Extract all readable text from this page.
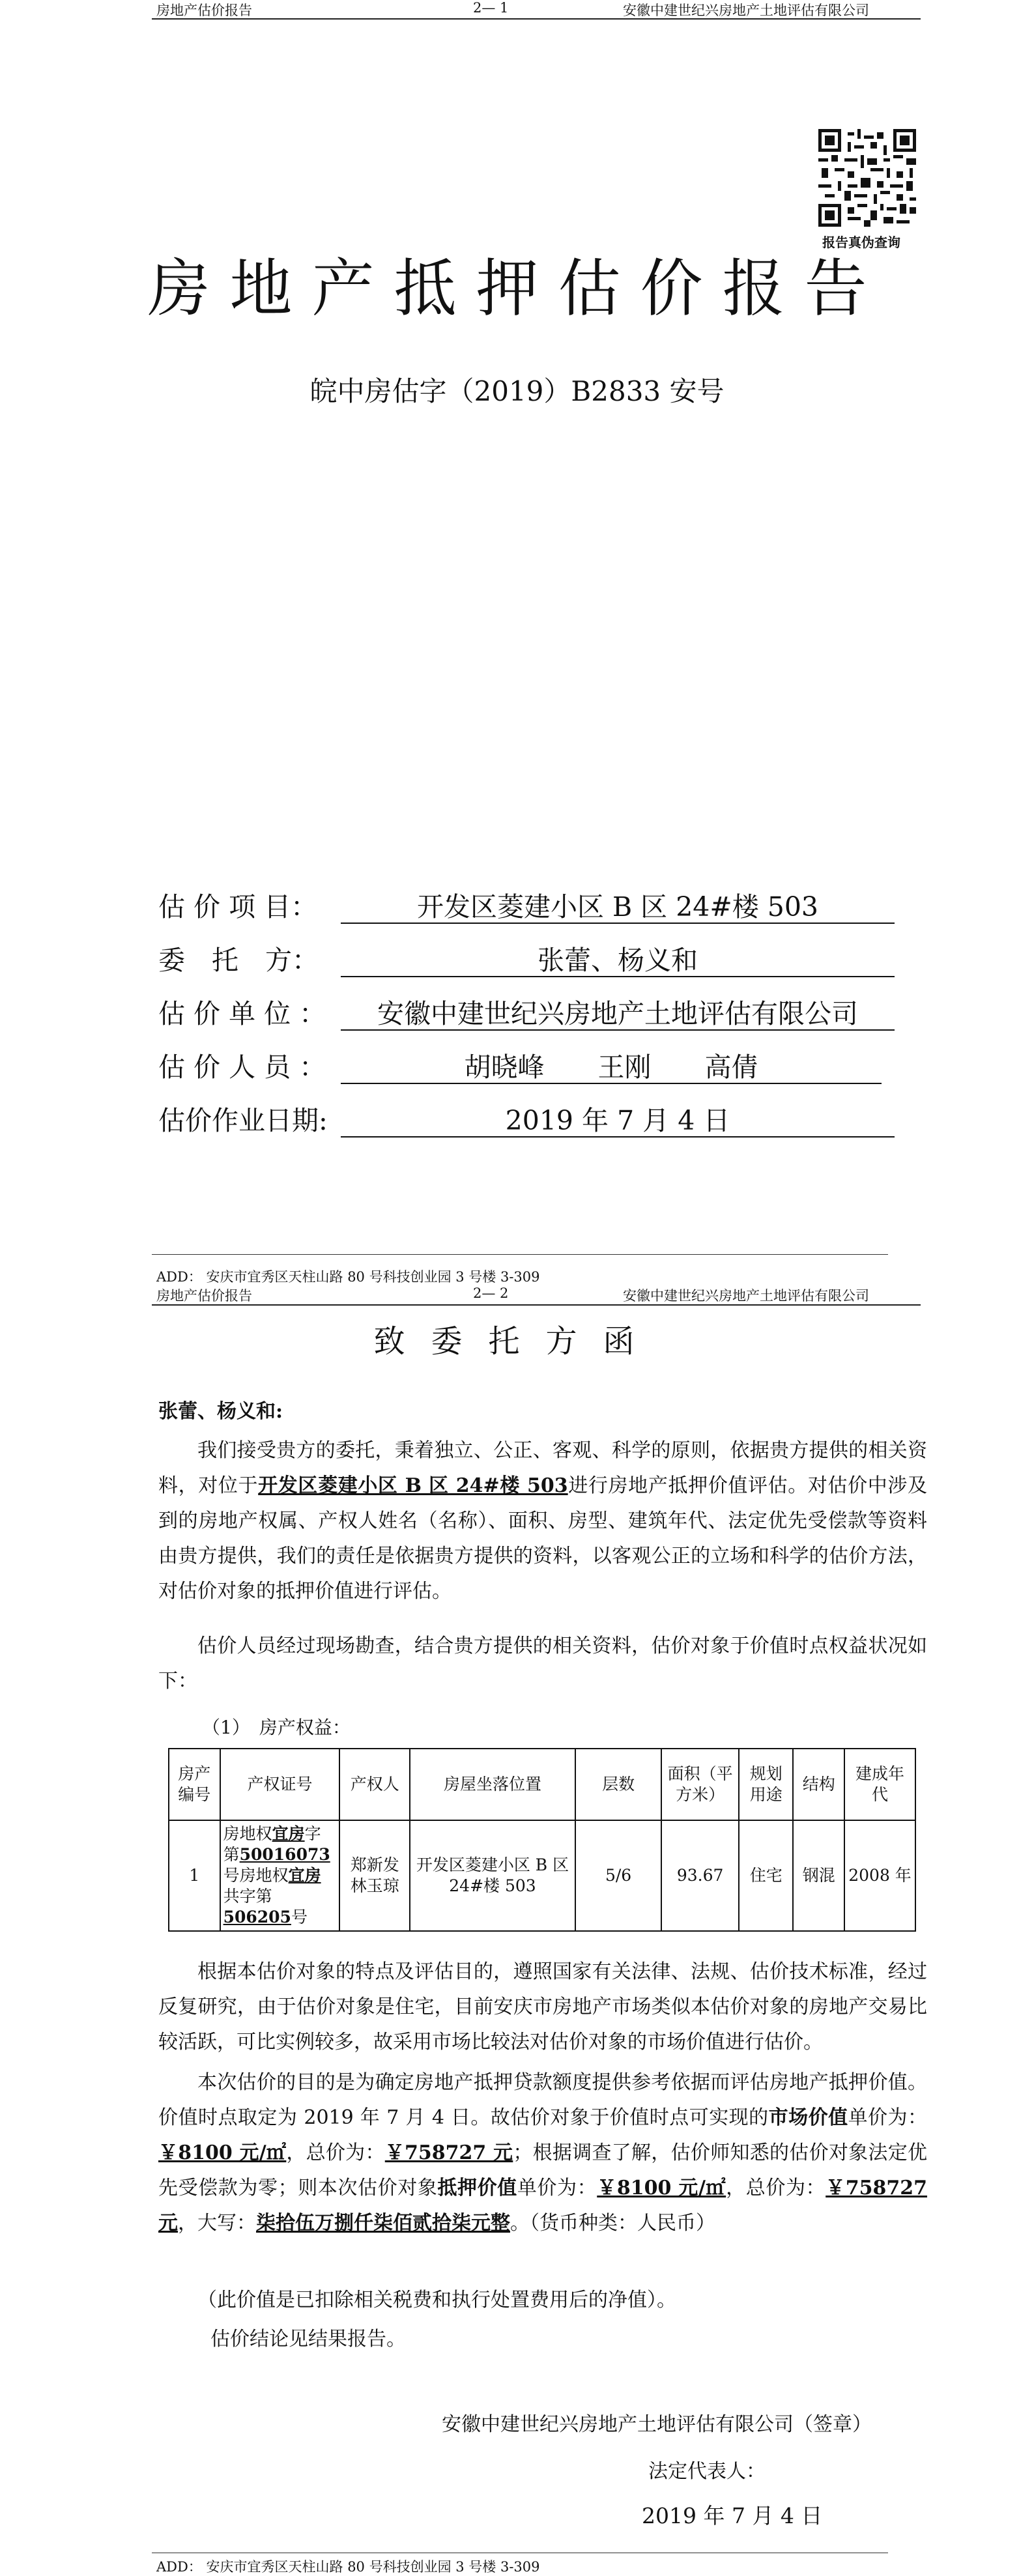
房地产估价报告	2— 1	安徽中建世纪兴房地产土地评估有限公司
报告真伪查询
房地产抵押估价报告
皖中房估字（2019）B2833 安号
估 价 项 目：	开发区菱建小区 B 区 24#楼 503
委　托　方：	张蕾、杨义和
估 价 单 位 ：	安徽中建世纪兴房地产土地评估有限公司
估 价 人 员 ：	胡晓峰　　王刚　　高倩
估价作业日期:	2019 年 7 月 4 日
ADD： 安庆市宜秀区天柱山路 80 号科技创业园 3 号楼 3-309
房地产估价报告	2— 2	安徽中建世纪兴房地产土地评估有限公司
致委托方函
张蕾、杨义和:
我们接受贵方的委托，秉着独立、公正、客观、科学的原则，依据贵方提供的相关资料，对位于开发区菱建小区 B 区 24#楼 503进行房地产抵押价值评估。对估价中涉及到的房地产权属、产权人姓名（名称）、面积、房型、建筑年代、法定优先受偿款等资料由贵方提供，我们的责任是依据贵方提供的资料，以客观公正的立场和科学的估价方法，对估价对象的抵押价值进行评估。
估价人员经过现场勘查，结合贵方提供的相关资料，估价对象于价值时点权益状况如下：
（1）　房产权益：
房产编号	产权证号	产权人	房屋坐落位置	层数	面积（平方米）	规划用途	结构	建成年代
1	房地权宜房字第50016073号房地权宜房共字第506205号	郑新发林玉琼	开发区菱建小区 B 区 24#楼 503	5/6	93.67	住宅	钢混	2008 年
根据本估价对象的特点及评估目的，遵照国家有关法律、法规、估价技术标准，经过反复研究，由于估价对象是住宅，目前安庆市房地产市场类似本估价对象的房地产交易比较活跃，可比实例较多，故采用市场比较法对估价对象的市场价值进行估价。
本次估价的目的是为确定房地产抵押贷款额度提供参考依据而评估房地产抵押价值。价值时点取定为 2019 年 7 月 4 日。故估价对象于价值时点可实现的市场价值单价为：￥8100 元/㎡，总价为：￥758727 元；根据调查了解，估价师知悉的估价对象法定优先受偿款为零；则本次估价对象抵押价值单价为：￥8100 元/㎡，总价为：￥758727 元，大写：柒拾伍万捌仟柒佰贰拾柒元整。（货币种类：人民币）
（此价值是已扣除相关税费和执行处置费用后的净值）。
估价结论见结果报告。
安徽中建世纪兴房地产土地评估有限公司（签章）
法定代表人：
2019 年 7 月 4 日
ADD： 安庆市宜秀区天柱山路 80 号科技创业园 3 号楼 3-309
